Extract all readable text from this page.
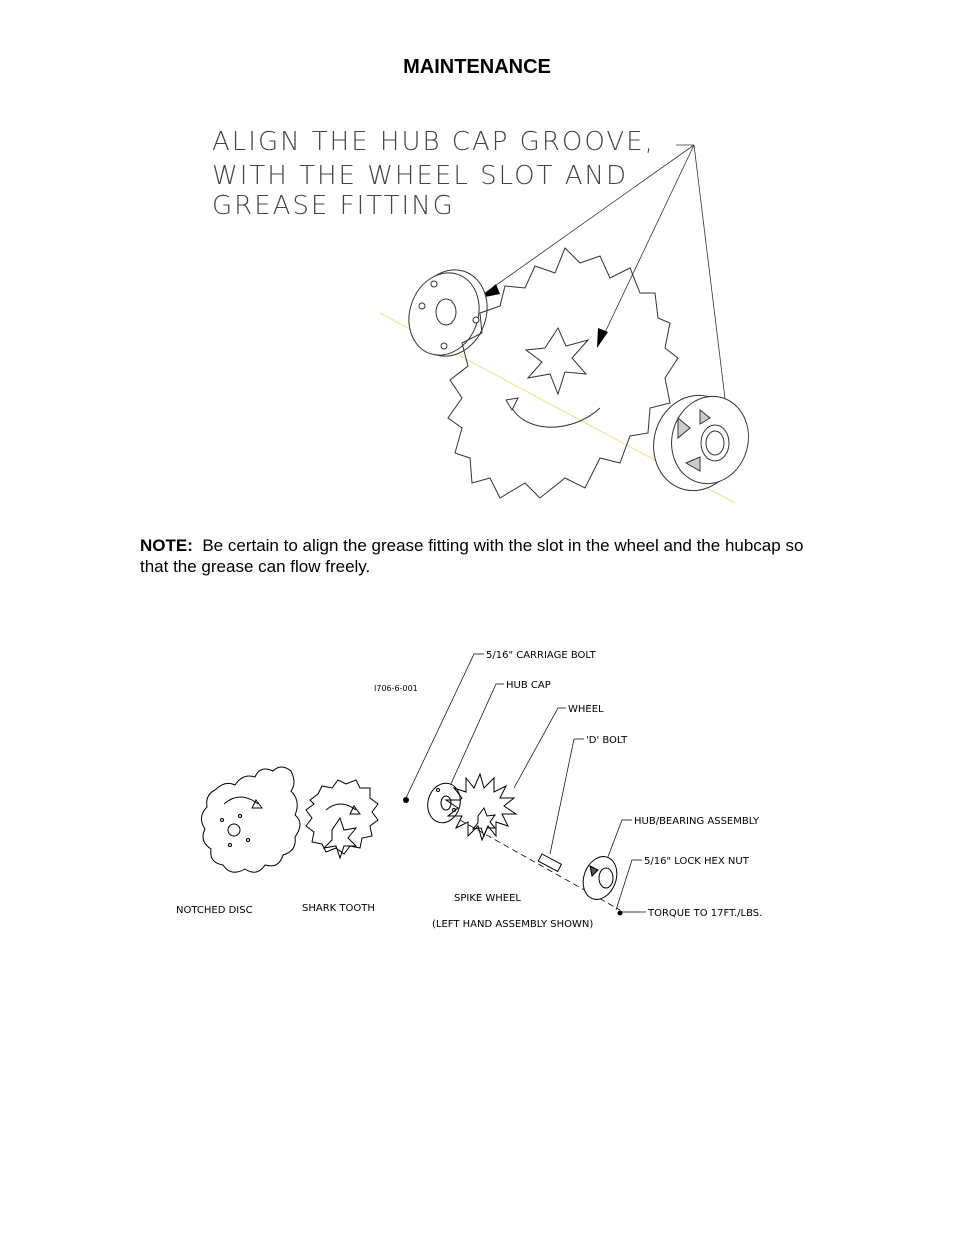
MAINTENANCE
ALIGN THE HUB CAP GROOVE,
WITH THE WHEEL SLOT AND
GREASE FITTING
NOTE: Be certain to align the grease fitting with the slot in the wheel and the hubcap so that the grease can flow freely.
5/16" CARRIAGE BOLT
I706-6-001	HUB CAP
WHEEL
'D' BOLT
HUB/BEARING ASSEMBLY
5/16" LOCK HEX NUT
TORQUE TO 17FT./LBS.
NOTCHED DISC	SHARK TOOTH
SPIKE WHEEL
(LEFT HAND ASSEMBLY SHOWN)
